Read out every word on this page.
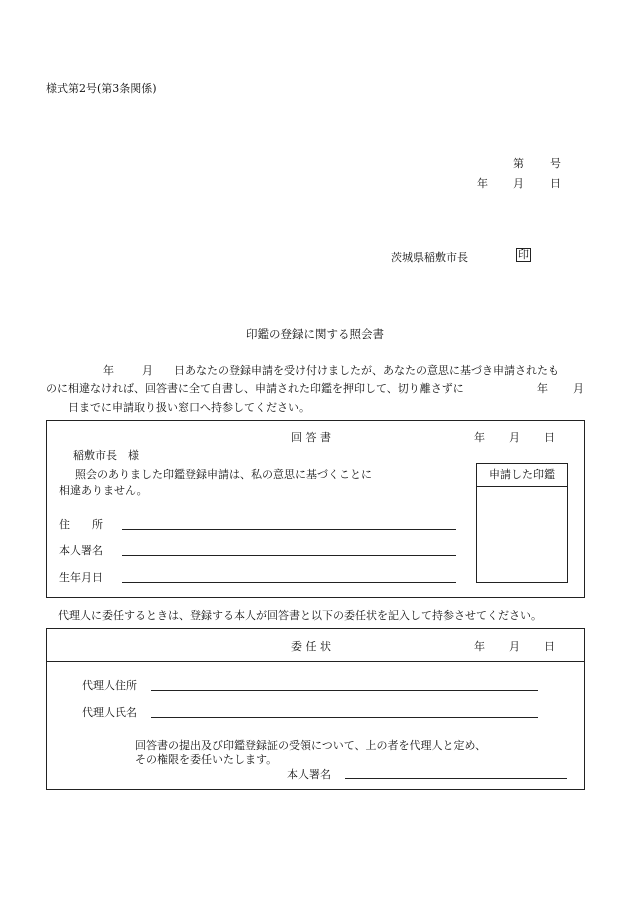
様式第2号(第3条関係)
第 号
年 月 日
茨城県稲敷市長	印
印鑑の登録に関する照会書
年	月 日あなたの登録申請を受け付けましたが、あなたの意思に基づき申請されたも
のに相違なければ、回答書に全て自書し、申請された印鑑を押印して、切り離さずに	年 月
日までに申請取り扱い窓口へ持参してください。
回 答 書	年 月 日
稲敷市長　様
照会のありました印鑑登録申請は、私の意思に基づくことに
相違ありません。
住　　所
本人署名
生年月日
申請した印鑑
代理人に委任するときは、登録する本人が回答書と以下の委任状を記入して持参させてください。
委 任 状	年 月 日
代理人住所
代理人氏名
回答書の提出及び印鑑登録証の受領について、上の者を代理人と定め、
その権限を委任いたします。
本人署名
